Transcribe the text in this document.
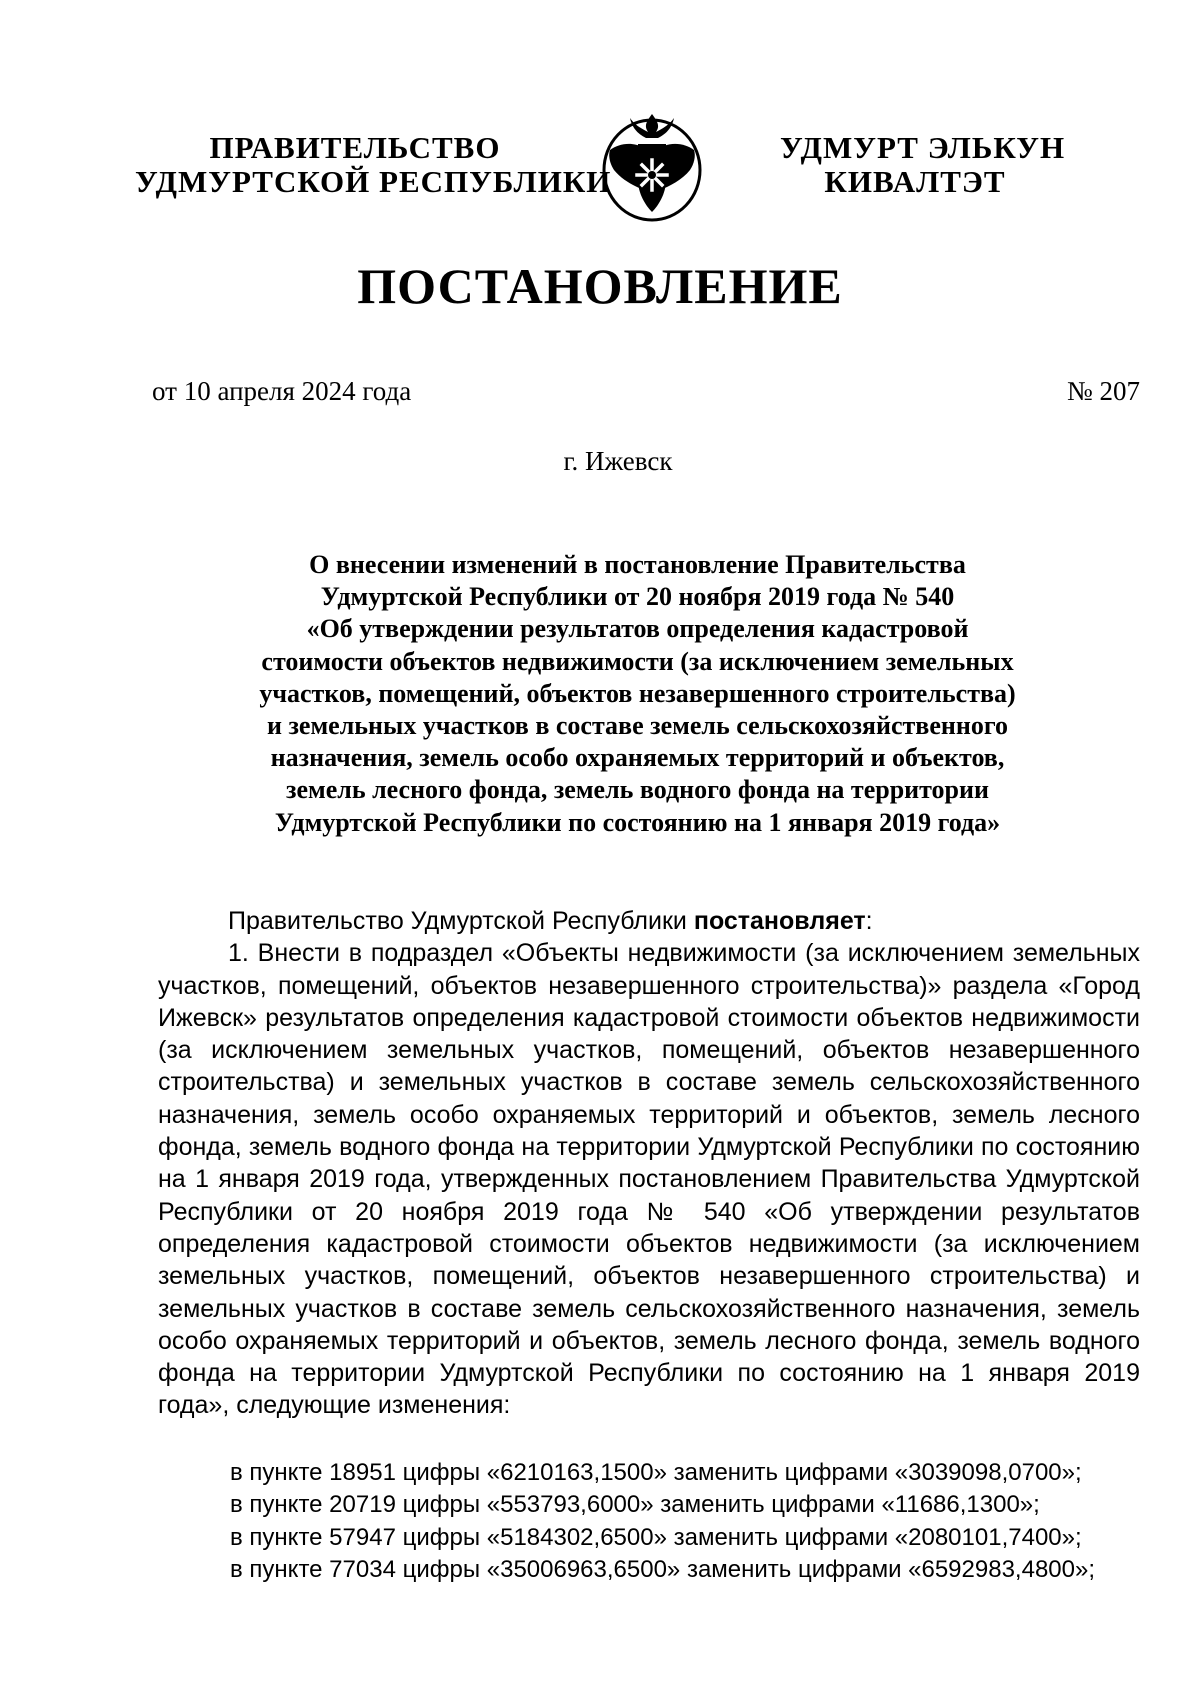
ПРАВИТЕЛЬСТВО
УДМУРТСКОЙ РЕСПУБЛИКИ
УДМУРТ ЭЛЬКУН
КИВАЛТЭТ
ПОСТАНОВЛЕНИЕ
от 10 апреля 2024 года	№ 207
г. Ижевск
О внесении изменений в постановление Правительства
Удмуртской Республики от 20 ноября 2019 года № 540
«Об утверждении результатов определения кадастровой
стоимости объектов недвижимости (за исключением земельных
участков, помещений, объектов незавершенного строительства)
и земельных участков в составе земель сельскохозяйственного
назначения, земель особо охраняемых территорий и объектов,
земель лесного фонда, земель водного фонда на территории
Удмуртской Республики по состоянию на 1 января 2019 года»
Правительство Удмуртской Республики постановляет:
1. Внести в подраздел «Объекты недвижимости (за исключением земельных участков, помещений, объектов незавершенного строительства)» раздела «Город Ижевск» результатов определения кадастровой стоимости объектов недвижимости (за исключением земельных участков, помещений, объектов незавершенного строительства) и земельных участков в составе земель сельскохозяйственного назначения, земель особо охраняемых территорий и объектов, земель лесного фонда, земель водного фонда на территории Удмуртской Республики по состоянию на 1 января 2019 года, утвержденных постановлением Правительства Удмуртской Республики от 20 ноября 2019 года № 540 «Об утверждении результатов определения кадастровой стоимости объектов недвижимости (за исключением земельных участков, помещений, объектов незавершенного строительства) и земельных участков в составе земель сельскохозяйственного назначения, земель особо охраняемых территорий и объектов, земель лесного фонда, земель водного фонда на территории Удмуртской Республики по состоянию на 1 января 2019 года», следующие изменения:
в пункте 18951 цифры «6210163,1500» заменить цифрами «3039098,0700»;
в пункте 20719 цифры «553793,6000» заменить цифрами «11686,1300»;
в пункте 57947 цифры «5184302,6500» заменить цифрами «2080101,7400»;
в пункте 77034 цифры «35006963,6500» заменить цифрами «6592983,4800»;
